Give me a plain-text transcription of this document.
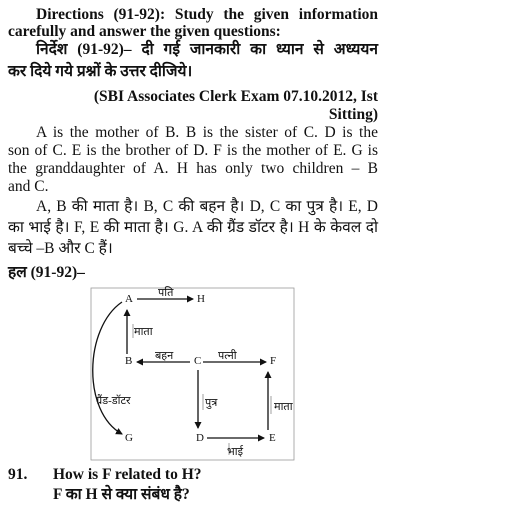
Directions (91-92): Study the given information
carefully and answer the given questions:
निर्देश (91-92)– दी गई जानकारी का ध्यान से अध्ययन
कर दिये गये प्रश्नों के उत्तर दीजिये।
(SBI Associates Clerk Exam 07.10.2012, Ist
Sitting)
A is the mother of B. B is the sister of C. D is the
son of C. E is the brother of D. F is the mother of E. G is
the granddaughter of A. H has only two children – B
and C.
A, B की माता है। B, C की बहन है। D, C का पुत्र है। E, D
का भाई है। F, E की माता है। G. A की ग्रैंड डॉटर है। H के केवल दो
बच्चे –B और C हैं।
हल (91-92)–
A	H
B	C	F
G	D	E
पति
माता
बहन	पत्नी
ग्रैंड-डॉटर	पुत्र	माता
भाई
91. How is F related to H?
F का H से क्या संबंध है?
